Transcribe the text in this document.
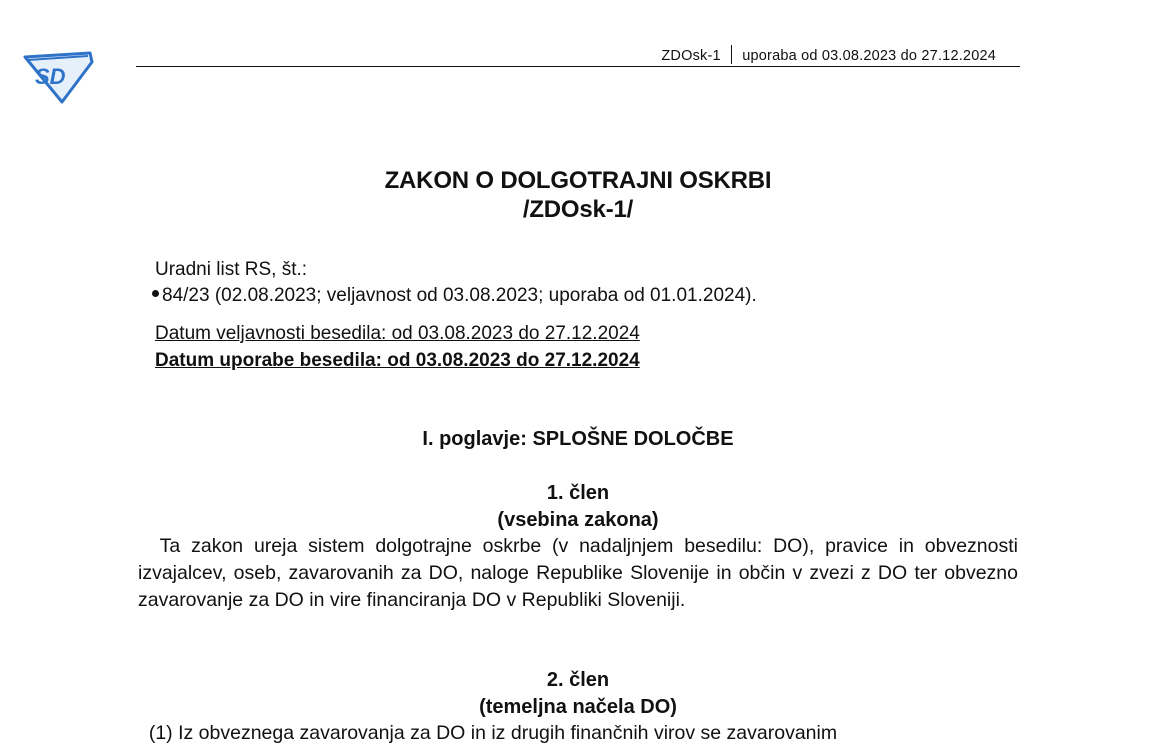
SD
ZDOsk-1 uporaba od 03.08.2023 do 27.12.2024
ZAKON O DOLGOTRAJNI OSKRBI
/ZDOsk-1/
Uradni list RS, št.:
84/23 (02.08.2023; veljavnost od 03.08.2023; uporaba od 01.01.2024).
Datum veljavnosti besedila: od 03.08.2023 do 27.12.2024
Datum uporabe besedila: od 03.08.2023 do 27.12.2024
I. poglavje: SPLOŠNE DOLOČBE
1. člen
(vsebina zakona)
Ta zakon ureja sistem dolgotrajne oskrbe (v nadaljnjem besedilu: DO), pravice in obveznosti izvajalcev, oseb, zavarovanih za DO, naloge Republike Slovenije in občin v zvezi z DO ter obvezno zavarovanje za DO in vire financiranja DO v Republiki Sloveniji.
2. člen
(temeljna načela DO)
(1) Iz obveznega zavarovanja za DO in iz drugih finančnih virov se zavarovanim
